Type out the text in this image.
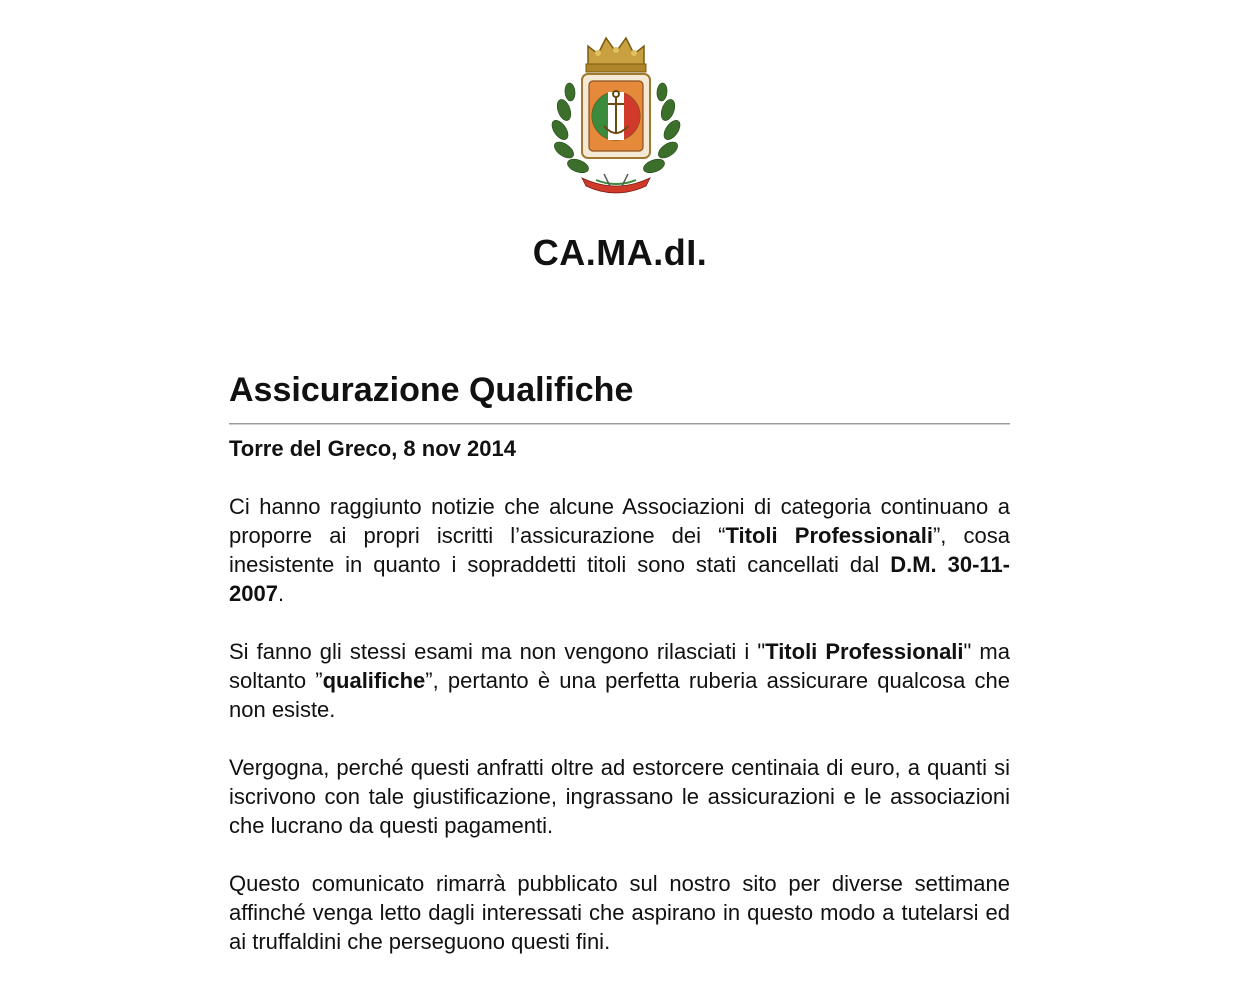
CA.MA.dI.
Assicurazione Qualifiche
Torre del Greco, 8 nov 2014

Ci hanno raggiunto notizie che alcune Associazioni di categoria continuano a proporre ai propri iscritti l’assicurazione dei “Titoli Professionali”, cosa inesistente in quanto i sopraddetti titoli sono stati cancellati dal D.M. 30-11-2007.

Si fanno gli stessi esami ma non vengono rilasciati i "Titoli Professionali" ma soltanto ”qualifiche”, pertanto è una perfetta ruberia assicurare qualcosa che non esiste.

Vergogna, perché questi anfratti oltre ad estorcere centinaia di euro, a quanti si iscrivono con tale giustificazione, ingrassano le assicurazioni e le associazioni che lucrano da questi pagamenti.

Questo comunicato rimarrà pubblicato sul nostro sito per diverse settimane affinché venga letto dagli interessati che aspirano in questo modo a tutelarsi ed ai truffaldini che perseguono questi fini.
